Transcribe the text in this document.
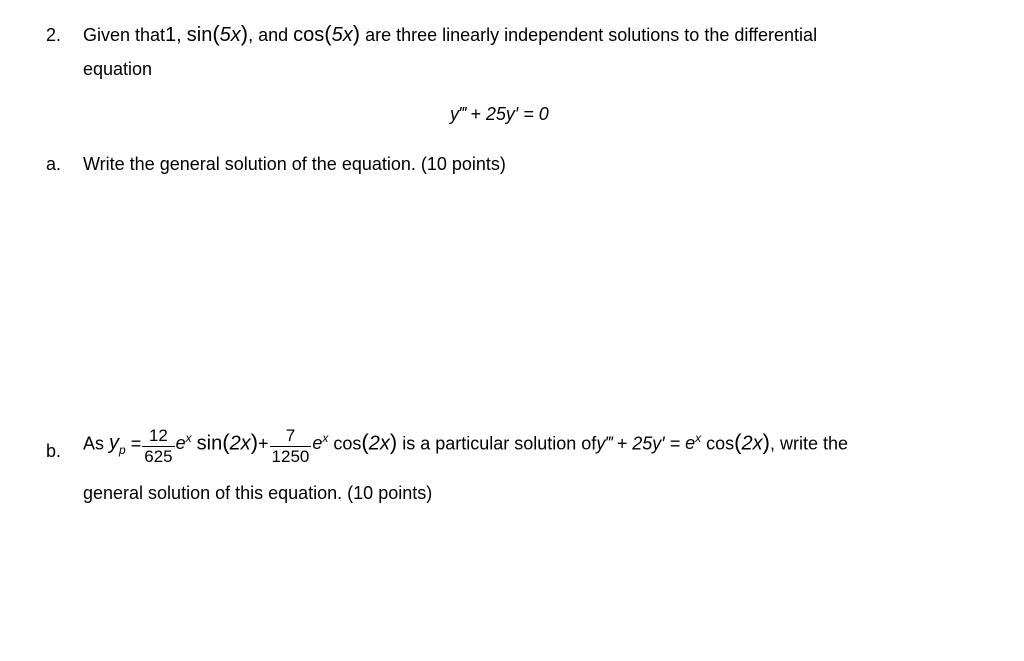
2. Given that1, sin(5x), and cos(5x) are three linearly independent solutions to the differential
equation
y‴ + 25y′ = 0
a. Write the general solution of the equation. (10 points)
b. As $y_p = \frac{12}{625} e^x$ $\sin(2x)+ \frac{7}{1250} e^x$ cos(2x) is a particular solution ofy‴ + $25y' = e^x$ cos(2x), write the
general solution of this equation. (10 points)
